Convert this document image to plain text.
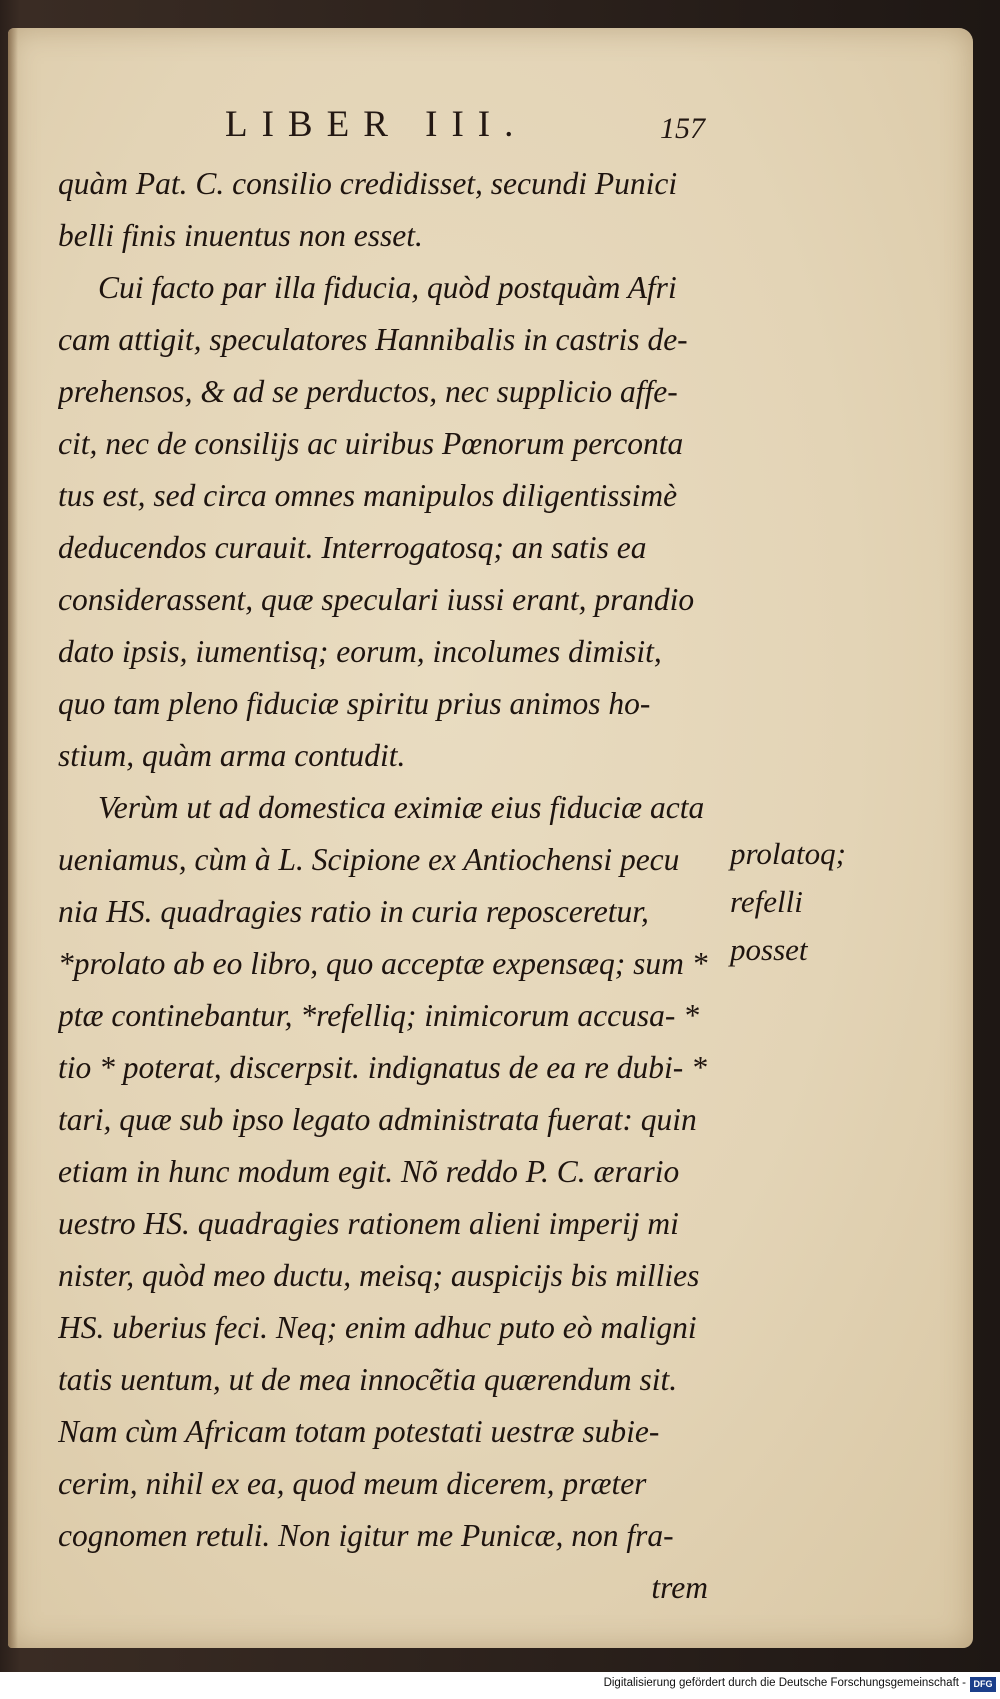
LIBER III.	157
quàm Pat. C. consilio credidisset, secundi Punici
belli finis inuentus non esset.
Cui facto par illa fiducia, quòd postquàm Afri
cam attigit, speculatores Hannibalis in castris de-
prehensos, & ad se perductos, nec supplicio affe-
cit, nec de consilijs ac uiribus Pœnorum perconta
tus est, sed circa omnes manipulos diligentissimè
deducendos curauit. Interrogatosq; an satis ea
considerassent, quæ speculari iussi erant, prandio
dato ipsis, iumentisq; eorum, incolumes dimisit,
quo tam pleno fiduciæ spiritu prius animos ho-
stium, quàm arma contudit.
Verùm ut ad domestica eximiæ eius fiduciæ acta
ueniamus, cùm à L. Scipione ex Antiochensi pecu
nia HS. quadragies ratio in curia reposceretur,
*prolato ab eo libro, quo acceptæ expensæq; sum *
ptæ continebantur, *refelliq; inimicorum accusa- *
tio * poterat, discerpsit. indignatus de ea re dubi- *
tari, quæ sub ipso legato administrata fuerat: quin
etiam in hunc modum egit. Nõ reddo P. C. ærario
uestro HS. quadragies rationem alieni imperij mi
nister, quòd meo ductu, meisq; auspicijs bis millies
HS. uberius feci. Neq; enim adhuc puto eò maligni
tatis uentum, ut de mea innocẽtia quærendum sit.
Nam cùm Africam totam potestati uestræ subie-
cerim, nihil ex ea, quod meum dicerem, præter
cognomen retuli. Non igitur me Punicæ, non fra-
trem
prolatoq;
refelli
posset
Digitalisierung gefördert durch die Deutsche Forschungsgemeinschaft - DFG
